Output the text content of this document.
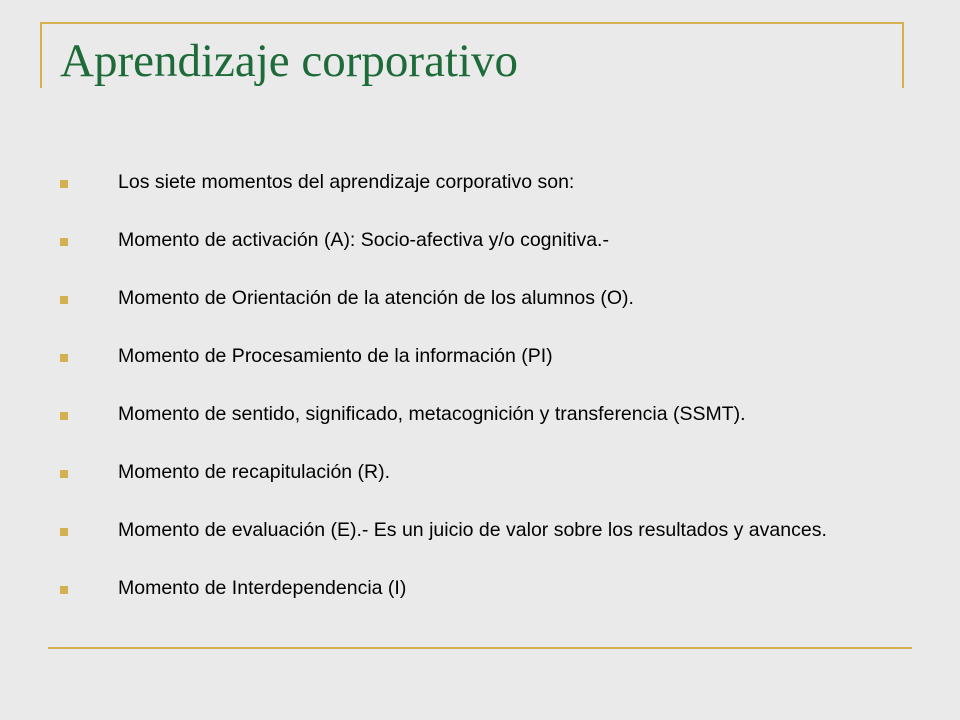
Aprendizaje corporativo
Los siete momentos del aprendizaje corporativo son:
Momento de activación (A): Socio-afectiva y/o cognitiva.-
Momento de Orientación de la atención de los alumnos (O).
Momento de Procesamiento de la información (PI)
Momento de sentido, significado, metacognición y transferencia (SSMT).
Momento de recapitulación (R).
Momento de evaluación (E).- Es un juicio de valor sobre los resultados y avances.
Momento de Interdependencia (I)
